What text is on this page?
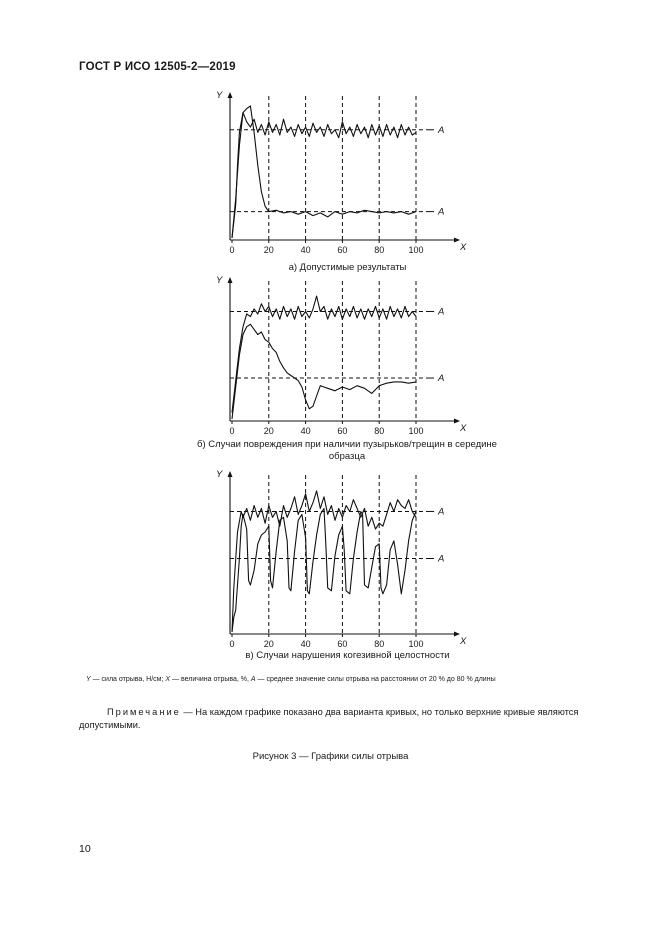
ГОСТ Р ИСО 12505-2—2019
Y
X
0	20	40	60	80	100
A
A
а) Допустимые результаты
Y
X
0	20	40	60	80	100
A
A
б) Случаи повреждения при наличии пузырьков/трещин в середине образца
Y
X
0	20	40	60	80	100
A
A
в) Случаи нарушения когезивной целостности
Y — сила отрыва, Н/см; X — величина отрыва, %, A — среднее значение силы отрыва на расстоянии от 20 % до 80 % длины
Примечание — На каждом графике показано два варианта кривых, но только верхние кривые являются допустимыми.
Рисунок 3 — Графики силы отрыва
10
